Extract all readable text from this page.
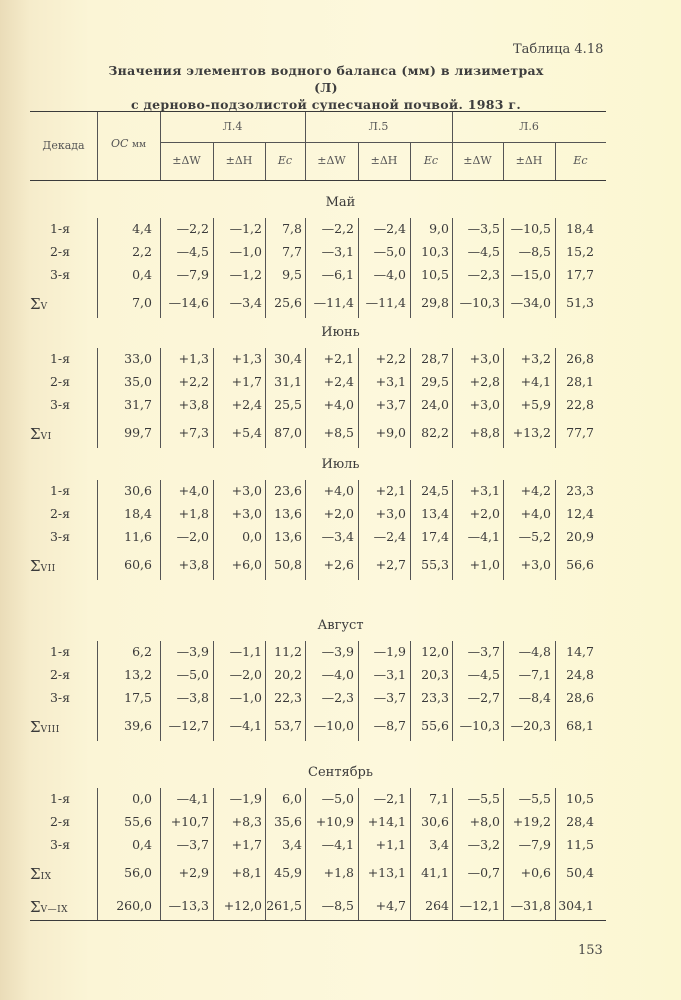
Таблица 4.18
Значения элементов водного баланса (мм) в лизиметрах (Л)
с дерново-подзолистой супесчаной почвой. 1983 г.
Декада	ОС мм
Л.4	Л.5	Л.6
±ΔW	±ΔH	Eс	±ΔW	±ΔH	Eс	±ΔW	±ΔH	Eс
Май
1-я	4,4	—2,2	—1,2	7,8	—2,2	—2,4	9,0	—3,5 —10,5	18,4
2-я	2,2	—4,5	—1,0	7,7	—3,1	—5,0	10,3	—4,5	—8,5	15,2
3-я	0,4	—7,9	—1,2	9,5	—6,1	—4,0	10,5	—2,3 —15,0	17,7
ΣV	7,0	—14,6	—3,4 25,6 —11,4 —11,4	29,8 —10,3 —34,0	51,3
Июнь
1-я	33,0	+1,3	+1,3 30,4	+2,1	+2,2	28,7	+3,0	+3,2	26,8
2-я	35,0	+2,2	+1,7 31,1	+2,4	+3,1	29,5	+2,8	+4,1	28,1
3-я	31,7	+3,8	+2,4 25,5	+4,0	+3,7	24,0	+3,0	+5,9	22,8
ΣVI	99,7	+7,3	+5,4 87,0	+8,5	+9,0	82,2	+8,8	+13,2	77,7
Июль
1-я	30,6	+4,0	+3,0 23,6	+4,0	+2,1	24,5	+3,1	+4,2	23,3
2-я	18,4	+1,8	+3,0 13,6	+2,0	+3,0	13,4	+2,0	+4,0	12,4
3-я	11,6	—2,0	0,0 13,6	—3,4	—2,4	17,4	—4,1	—5,2	20,9
ΣVII	60,6	+3,8	+6,0 50,8	+2,6	+2,7	55,3	+1,0	+3,0	56,6
Август
1-я	6,2	—3,9	—1,1 11,2	—3,9	—1,9	12,0	—3,7	—4,8	14,7
2-я	13,2	—5,0	—2,0 20,2	—4,0	—3,1	20,3	—4,5	—7,1	24,8
3-я	17,5	—3,8	—1,0 22,3	—2,3	—3,7	23,3	—2,7	—8,4	28,6
ΣVIII	39,6	—12,7	—4,1 53,7 —10,0	—8,7	55,6 —10,3 —20,3	68,1
Сентябрь
1-я	0,0	—4,1	—1,9	6,0	—5,0	—2,1	7,1	—5,5	—5,5	10,5
2-я	55,6	+10,7	+8,3 35,6	+10,9	+14,1	30,6	+8,0	+19,2	28,4
3-я	0,4	—3,7	+1,7	3,4	—4,1	+1,1	3,4	—3,2	—7,9	11,5
ΣIX	56,0	+2,9	+8,1 45,9	+1,8	+13,1	41,1	—0,7	+0,6	50,4
ΣV—IX	260,0	—13,3	+12,0 261,5	—8,5	+4,7	264 —12,1 —31,8 304,1
153
